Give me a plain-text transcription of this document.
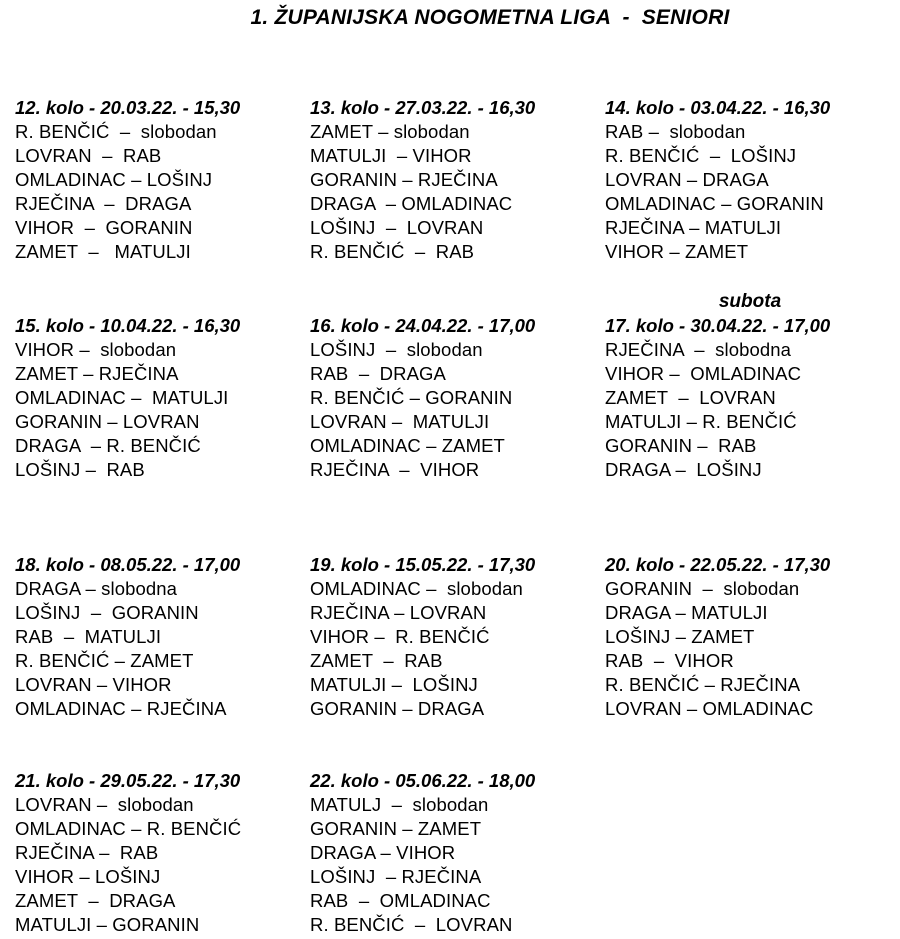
1. ŽUPANIJSKA NOGOMETNA LIGA  -  SENIORI
12. kolo - 20.03.22. - 15,30
R. BENČIĆ  –  slobodan
LOVRAN  –  RAB
OMLADINAC – LOŠINJ
RJEČINA  –  DRAGA
VIHOR  –  GORANIN
ZAMET  –   MATULJI
13. kolo - 27.03.22. - 16,30
ZAMET – slobodan
MATULJI  – VIHOR
GORANIN – RJEČINA
DRAGA  – OMLADINAC
LOŠINJ  –  LOVRAN
R. BENČIĆ  –  RAB
14. kolo - 03.04.22. - 16,30
RAB –  slobodan
R. BENČIĆ  –  LOŠINJ
LOVRAN – DRAGA
OMLADINAC – GORANIN
RJEČINA – MATULJI
VIHOR – ZAMET
15. kolo - 10.04.22. - 16,30
VIHOR –  slobodan
ZAMET – RJEČINA
OMLADINAC –  MATULJI
GORANIN – LOVRAN
DRAGA  – R. BENČIĆ
LOŠINJ –  RAB
16. kolo - 24.04.22. - 17,00
LOŠINJ  –  slobodan
RAB  –  DRAGA
R. BENČIĆ – GORANIN
LOVRAN –  MATULJI
OMLADINAC – ZAMET
RJEČINA  –  VIHOR
subota
17. kolo - 30.04.22. - 17,00
RJEČINA  –  slobodna
VIHOR –  OMLADINAC
ZAMET  –  LOVRAN
MATULJI – R. BENČIĆ
GORANIN –  RAB
DRAGA –  LOŠINJ
18. kolo - 08.05.22. - 17,00
DRAGA – slobodna
LOŠINJ  –  GORANIN
RAB  –  MATULJI
R. BENČIĆ – ZAMET
LOVRAN – VIHOR
OMLADINAC – RJEČINA
19. kolo - 15.05.22. - 17,30
OMLADINAC –  slobodan
RJEČINA – LOVRAN
VIHOR –  R. BENČIĆ
ZAMET  –  RAB
MATULJI –  LOŠINJ
GORANIN – DRAGA
20. kolo - 22.05.22. - 17,30
GORANIN  –  slobodan
DRAGA – MATULJI
LOŠINJ – ZAMET
RAB  –  VIHOR
R. BENČIĆ – RJEČINA
LOVRAN – OMLADINAC
21. kolo - 29.05.22. - 17,30
LOVRAN –  slobodan
OMLADINAC – R. BENČIĆ
RJEČINA –  RAB
VIHOR – LOŠINJ
ZAMET  –  DRAGA
MATULJI – GORANIN
22. kolo - 05.06.22. - 18,00
MATULJ  –  slobodan
GORANIN – ZAMET
DRAGA – VIHOR
LOŠINJ  – RJEČINA
RAB  –  OMLADINAC
R. BENČIĆ  –  LOVRAN
